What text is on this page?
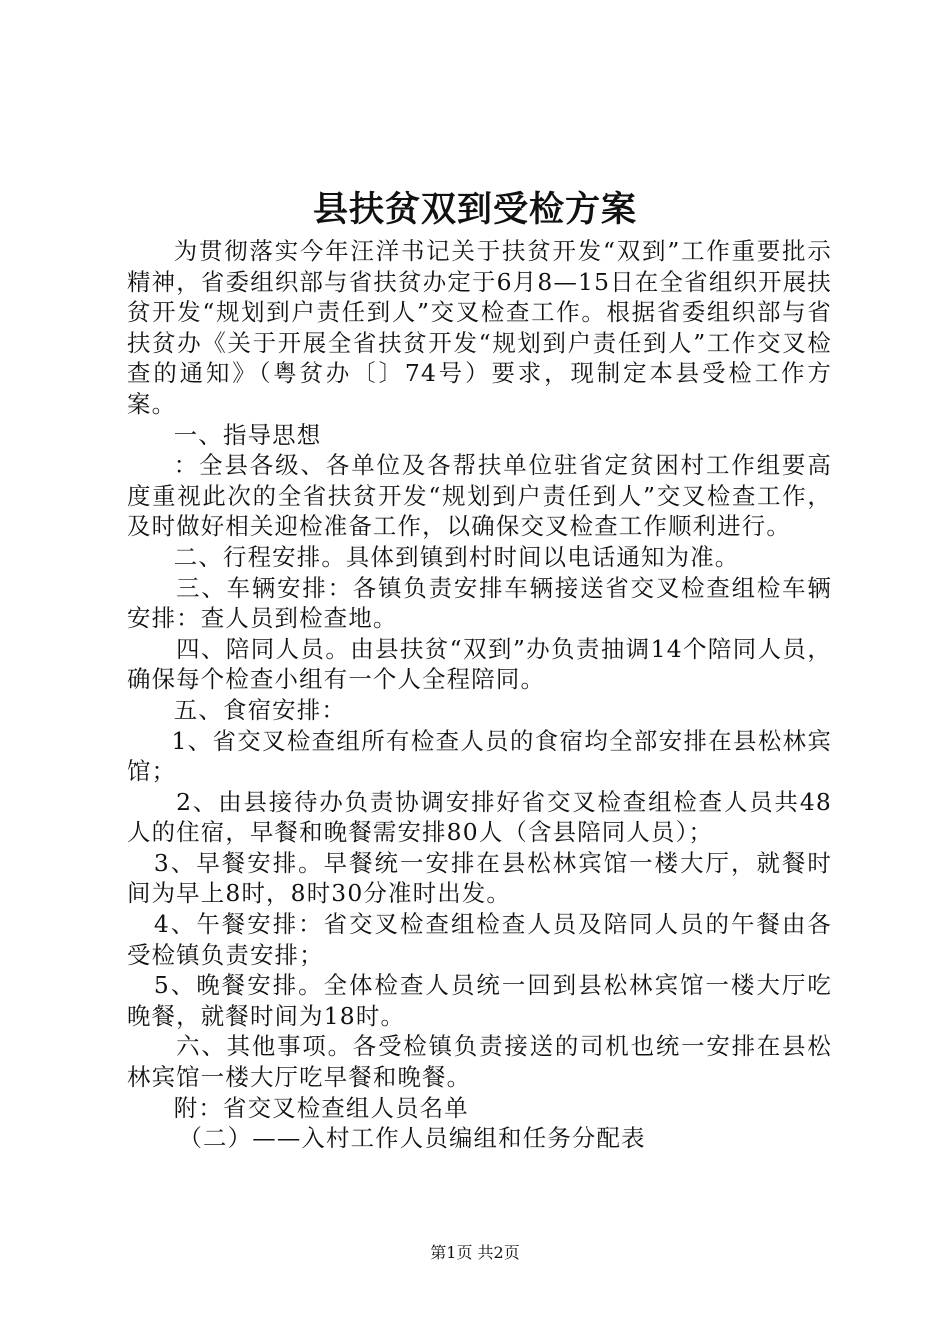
县扶贫双到受检方案

为贯彻落实今年汪洋书记关于扶贫开发“双到”工作重要批示精神，省委组织部与省扶贫办定于6月8—15日在全省组织开展扶贫开发“规划到户责任到人”交叉检查工作。根据省委组织部与省扶贫办《关于开展全省扶贫开发“规划到户责任到人”工作交叉检查的通知》（粤贫办〔〕74号）要求，现制定本县受检工作方案。

一、指导思想

：全县各级、各单位及各帮扶单位驻省定贫困村工作组要高度重视此次的全省扶贫开发“规划到户责任到人”交叉检查工作，及时做好相关迎检准备工作，以确保交叉检查工作顺利进行。

二、行程安排。具体到镇到村时间以电话通知为准。

三、车辆安排：各镇负责安排车辆接送省交叉检查组检车辆安排：查人员到检查地。

四、陪同人员。由县扶贫“双到”办负责抽调14个陪同人员，确保每个检查小组有一个人全程陪同。

五、食宿安排：

1、省交叉检查组所有检查人员的食宿均全部安排在县松林宾馆；

2、由县接待办负责协调安排好省交叉检查组检查人员共48人的住宿，早餐和晚餐需安排80人（含县陪同人员）；

3、早餐安排。早餐统一安排在县松林宾馆一楼大厅，就餐时间为早上8时，8时30分准时出发。

4、午餐安排：省交叉检查组检查人员及陪同人员的午餐由各受检镇负责安排；

5、晚餐安排。全体检查人员统一回到县松林宾馆一楼大厅吃晚餐，就餐时间为18时。

六、其他事项。各受检镇负责接送的司机也统一安排在县松林宾馆一楼大厅吃早餐和晚餐。

附：省交叉检查组人员名单

（二）——入村工作人员编组和任务分配表

第1页 共2页
